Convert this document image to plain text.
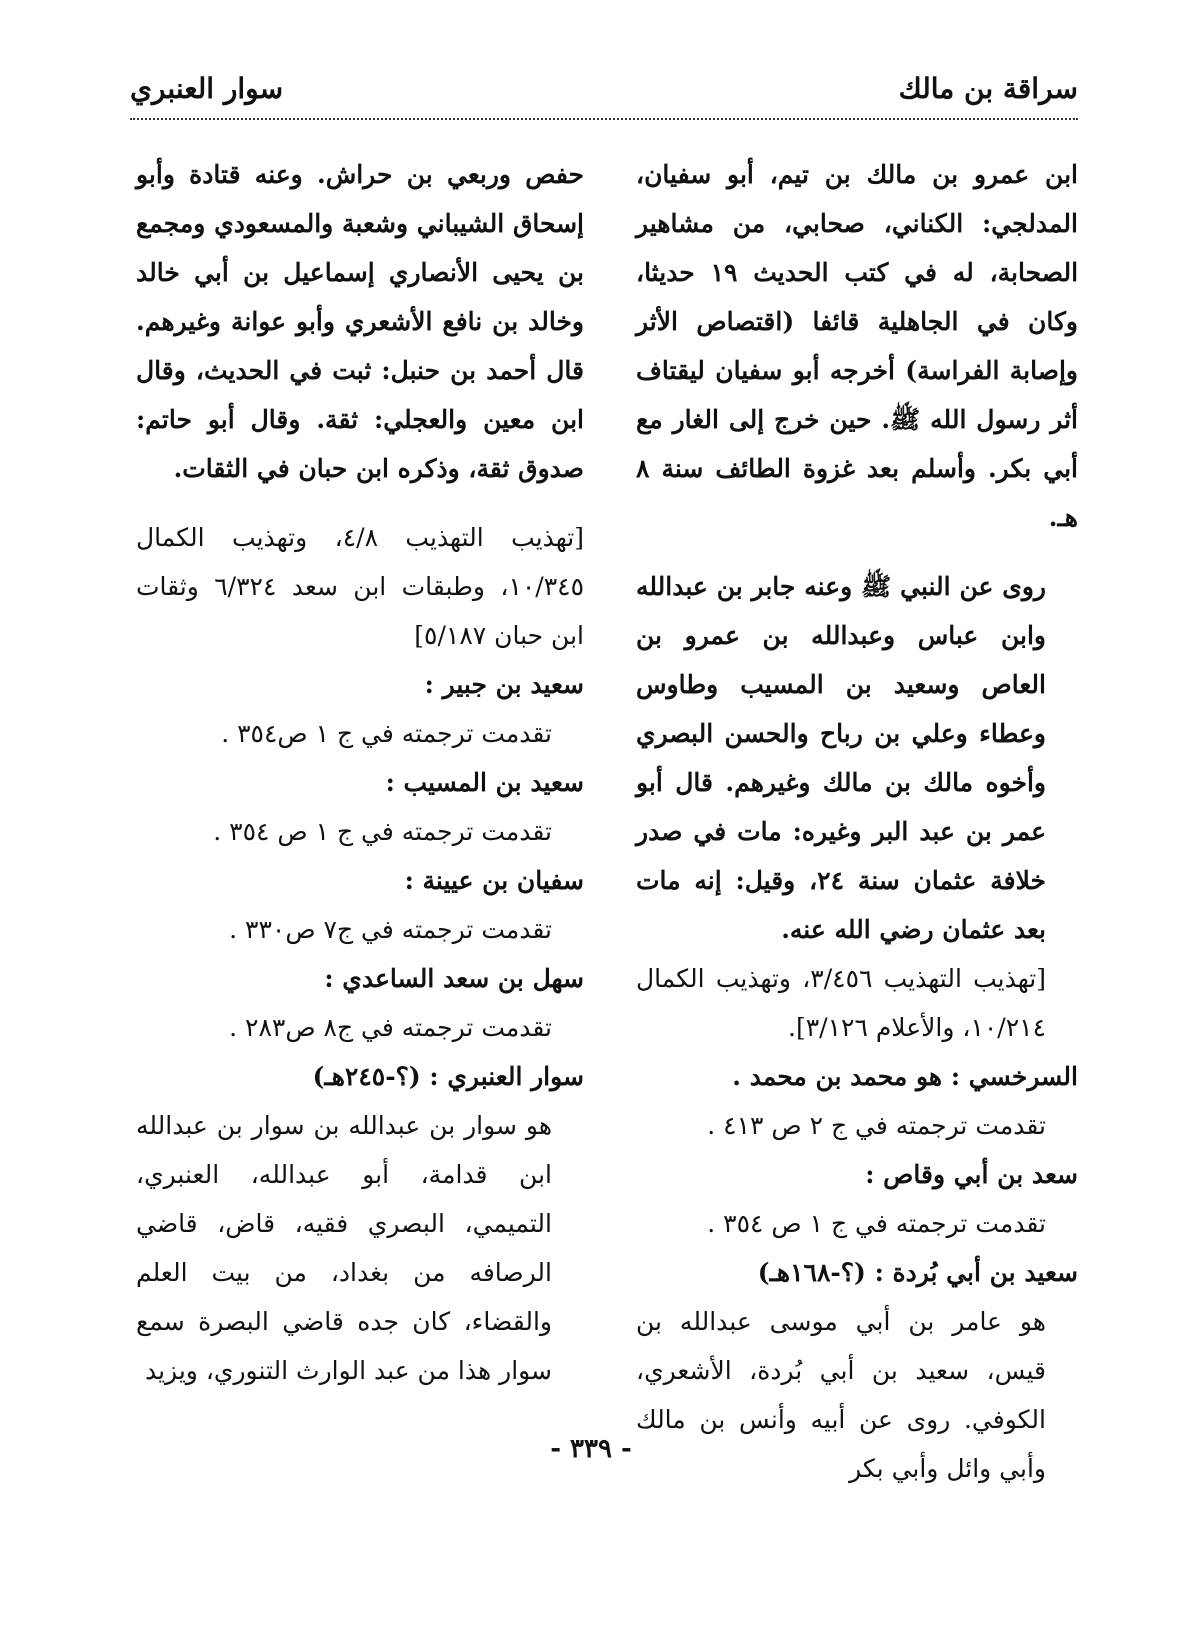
سراقة بن مالك
سوار العنبري

ابن عمرو بن مالك بن تيم، أبو سفيان، المدلجي: الكناني، صحابي، من مشاهير الصحابة، له في كتب الحديث ١٩ حديثا، وكان في الجاهلية قائفا (اقتصاص الأثر وإصابة الفراسة) أخرجه أبو سفيان ليقتاف أثر رسول الله ﷺ. حين خرج إلى الغار مع أبي بكر. وأسلم بعد غزوة الطائف سنة ٨ هـ.

روى عن النبي ﷺ وعنه جابر بن عبدالله وابن عباس وعبدالله بن عمرو بن العاص وسعيد بن المسيب وطاوس وعطاء وعلي بن رباح والحسن البصري وأخوه مالك بن مالك وغيرهم. قال أبو عمر بن عبد البر وغيره: مات في صدر خلافة عثمان سنة ٢٤، وقيل: إنه مات بعد عثمان رضي الله عنه.

[تهذيب التهذيب ٣/٤٥٦، وتهذيب الكمال ١٠/٢١٤، والأعلام ٣/١٢٦].

السرخسي : هو محمد بن محمد .

تقدمت ترجمته في ج ٢ ص ٤١٣ .

سعد بن أبي وقاص :

تقدمت ترجمته في ج ١ ص ٣٥٤ .

سعيد بن أبي بُردة : (؟-١٦٨هـ)

هو عامر بن أبي موسى عبدالله بن قيس، سعيد بن أبي بُردة، الأشعري، الكوفي. روى عن أبيه وأنس بن مالك وأبي وائل وأبي بكر

حفص وربعي بن حراش. وعنه قتادة وأبو إسحاق الشيباني وشعبة والمسعودي ومجمع بن يحيى الأنصاري إسماعيل بن أبي خالد وخالد بن نافع الأشعري وأبو عوانة وغيرهم. قال أحمد بن حنبل: ثبت في الحديث، وقال ابن معين والعجلي: ثقة. وقال أبو حاتم: صدوق ثقة، وذكره ابن حبان في الثقات.

[تهذيب التهذيب ٤/٨، وتهذيب الكمال ١٠/٣٤٥، وطبقات ابن سعد ٦/٣٢٤ وثقات ابن حبان ٥/١٨٧]

سعيد بن جبير :

تقدمت ترجمته في ج ١ ص٣٥٤ .

سعيد بن المسيب :

تقدمت ترجمته في ج ١ ص ٣٥٤ .

سفيان بن عيينة :

تقدمت ترجمته في ج٧ ص٣٣٠ .

سهل بن سعد الساعدي :

تقدمت ترجمته في ج٨ ص٢٨٣ .

سوار العنبري : (؟-٢٤٥هـ)

هو سوار بن عبدالله بن سوار بن عبدالله ابن قدامة، أبو عبدالله، العنبري، التميمي، البصري فقيه، قاض، قاضي الرصافه من بغداد، من بيت العلم والقضاء، كان جده قاضي البصرة سمع سوار هذا من عبد الوارث التنوري، ويزيد

- ٣٣٩ -
